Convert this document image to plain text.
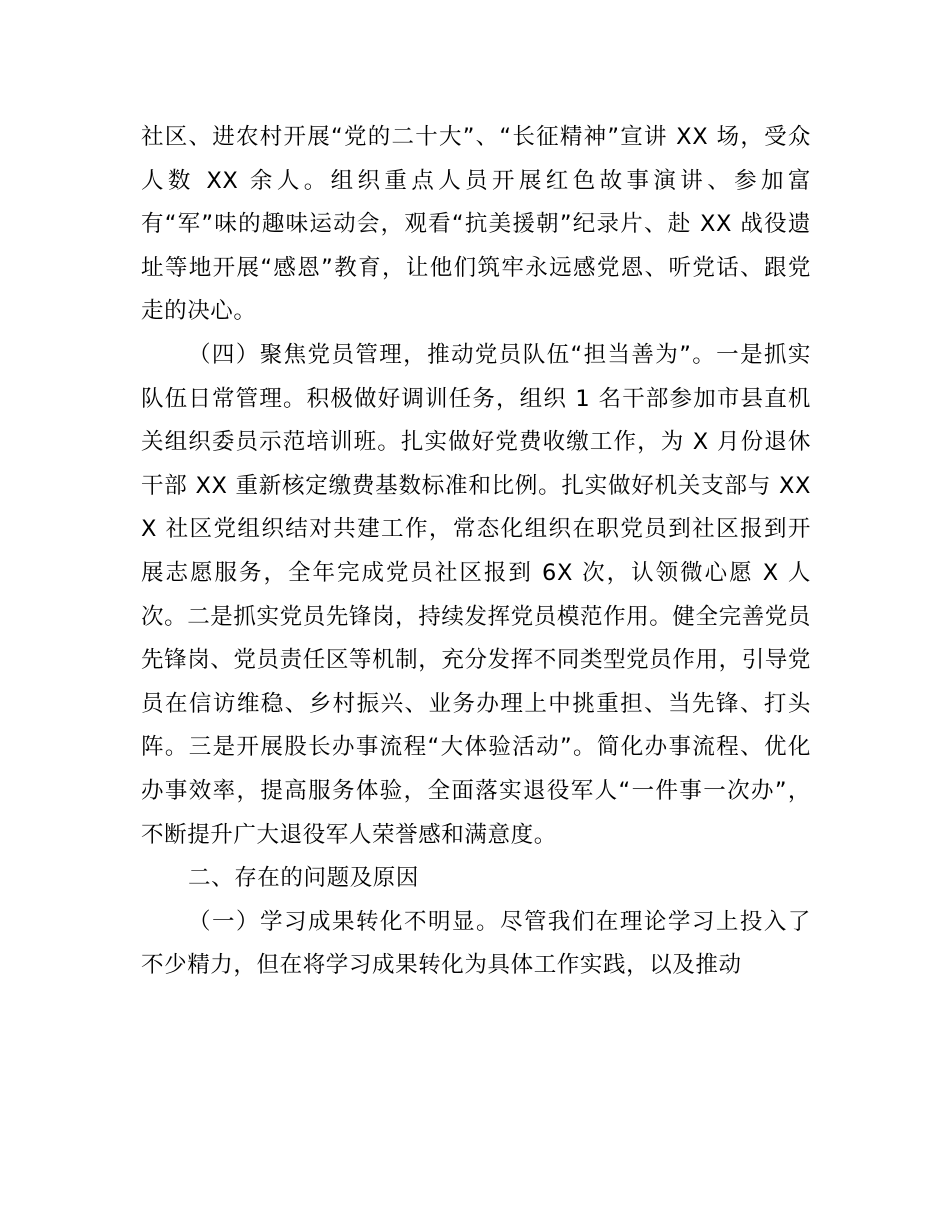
社区、进农村开展“党的二十大”、“长征精神”宣讲 XX 场，受众人数 XX 余人。组织重点人员开展红色故事演讲、参加富有“军”味的趣味运动会，观看“抗美援朝”纪录片、赴 XX 战役遗址等地开展“感恩”教育，让他们筑牢永远感党恩、听党话、跟党走的决心。

（四）聚焦党员管理，推动党员队伍“担当善为”。一是抓实队伍日常管理。积极做好调训任务，组织 1 名干部参加市县直机关组织委员示范培训班。扎实做好党费收缴工作，为 X 月份退休干部 XX 重新核定缴费基数标准和比例。扎实做好机关支部与 XXX 社区党组织结对共建工作，常态化组织在职党员到社区报到开展志愿服务，全年完成党员社区报到 6X 次，认领微心愿 X 人次。二是抓实党员先锋岗，持续发挥党员模范作用。健全完善党员先锋岗、党员责任区等机制，充分发挥不同类型党员作用，引导党员在信访维稳、乡村振兴、业务办理上中挑重担、当先锋、打头阵。三是开展股长办事流程“大体验活动”。简化办事流程、优化办事效率，提高服务体验，全面落实退役军人“一件事一次办”，不断提升广大退役军人荣誉感和满意度。

二、存在的问题及原因

（一）学习成果转化不明显。尽管我们在理论学习上投入了不少精力，但在将学习成果转化为具体工作实践，以及推动
